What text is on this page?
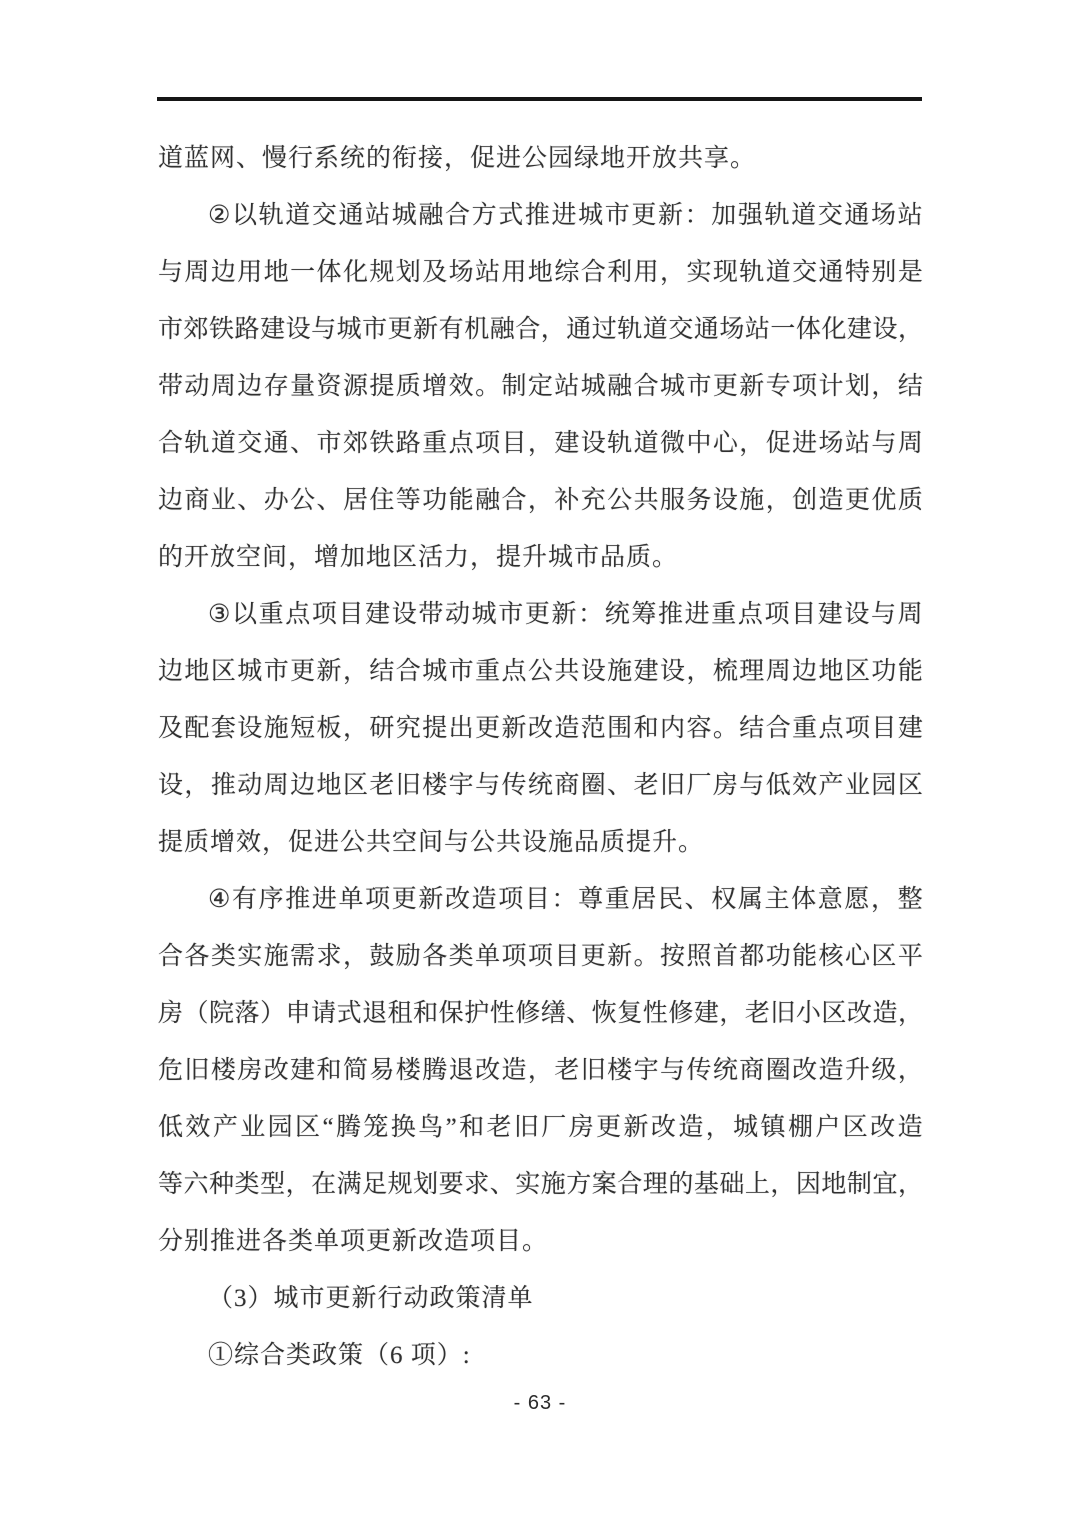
道蓝网、慢行系统的衔接，促进公园绿地开放共享。
② 以 轨 道 交 通 站 城 融 合 方 式 推 进 城 市 更 新 ： 加 强 轨 道 交 通 场 站
与 周 边 用 地 一 体 化 规 划 及 场 站 用 地 综 合 利 用 ， 实 现 轨 道 交 通 特 别 是
市 郊 铁 路 建 设 与 城 市 更 新 有 机 融 合 ， 通 过 轨 道 交 通 场 站 一 体 化 建 设 ，
带 动 周 边 存 量 资 源 提 质 增 效 。 制 定 站 城 融 合 城 市 更 新 专 项 计 划 ， 结
合 轨 道 交 通 、 市 郊 铁 路 重 点 项 目 ， 建 设 轨 道 微 中 心 ， 促 进 场 站 与 周
边 商 业 、 办 公 、 居 住 等 功 能 融 合 ， 补 充 公 共 服 务 设 施 ， 创 造 更 优 质
的开放空间，增加地区活力，提升城市品质。
③ 以 重 点 项 目 建 设 带 动 城 市 更 新 ： 统 筹 推 进 重 点 项 目 建 设 与 周
边 地 区 城 市 更 新 ， 结 合 城 市 重 点 公 共 设 施 建 设 ， 梳 理 周 边 地 区 功 能
及 配 套 设 施 短 板 ， 研 究 提 出 更 新 改 造 范 围 和 内 容 。 结 合 重 点 项 目 建
设 ， 推 动 周 边 地 区 老 旧 楼 宇 与 传 统 商 圈 、 老 旧 厂 房 与 低 效 产 业 园 区
提质增效，促进公共空间与公共设施品质提升。
④ 有 序 推 进 单 项 更 新 改 造 项 目 ： 尊 重 居 民 、 权 属 主 体 意 愿 ， 整
合 各 类 实 施 需 求 ， 鼓 励 各 类 单 项 项 目 更 新 。 按 照 首 都 功 能 核 心 区 平
房 （ 院 落 ） 申 请 式 退 租 和 保 护 性 修 缮 、 恢 复 性 修 建 ， 老 旧 小 区 改 造 ，
危 旧 楼 房 改 建 和 简 易 楼 腾 退 改 造 ， 老 旧 楼 宇 与 传 统 商 圈 改 造 升 级 ，
低 效 产 业 园 区 “ 腾 笼 换 鸟 ” 和 老 旧 厂 房 更 新 改 造 ， 城 镇 棚 户 区 改 造
等 六 种 类 型 ， 在 满 足 规 划 要 求 、 实 施 方 案 合 理 的 基 础 上 ， 因 地 制 宜 ，
分别推进各类单项更新改造项目。
（3）城市更新行动政策清单
①综合类政策（6 项）:
- 63 -
